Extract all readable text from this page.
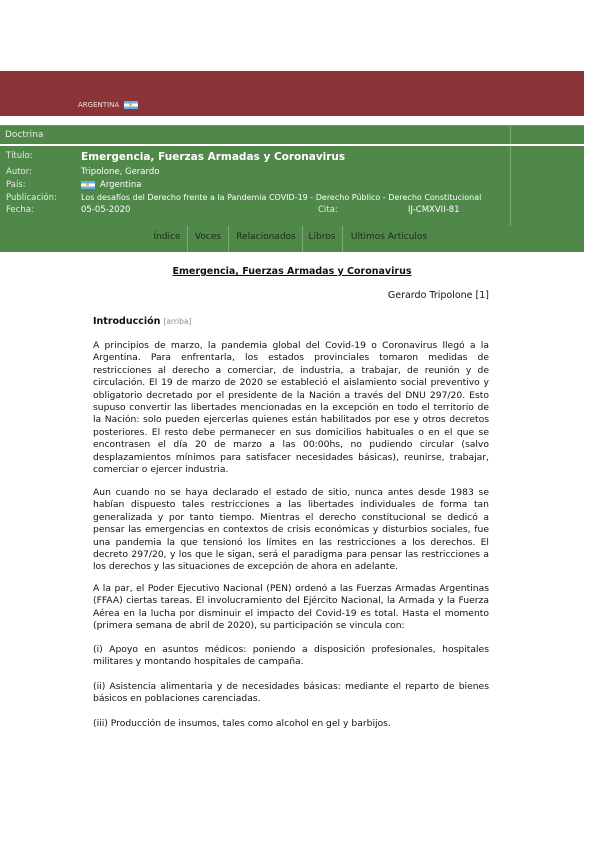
ARGENTINA
Doctrina
Título:	Emergencia, Fuerzas Armadas y Coronavirus
Autor:	Tripolone, Gerardo
País:	Argentina
Publicación:	Los desafíos del Derecho frente a la Pandemia COVID-19 - Derecho Público - Derecho Constitucional
Fecha:	05-05-2020	Cita:	IJ-CMXVII-81
Índice	Voces	Relacionados	Libros	Ultimos Artículos
Emergencia, Fuerzas Armadas y Coronavirus
Gerardo Tripolone [1]
Introducción [arriba]

A principios de marzo, la pandemia global del Covid-19 o Coronavirus llegó a la Argentina. Para enfrentarla, los estados provinciales tomaron medidas de restricciones al derecho a comerciar, de industria, a trabajar, de reunión y de circulación. El 19 de marzo de 2020 se estableció el aislamiento social preventivo y obligatorio decretado por el presidente de la Nación a través del DNU 297/20. Esto supuso convertir las libertades mencionadas en la excepción en todo el territorio de la Nación: solo pueden ejercerlas quienes están habilitados por ese y otros decretos posteriores. El resto debe permanecer en sus domicilios habituales o en el que se encontrasen el día 20 de marzo a las 00:00hs, no pudiendo circular (salvo desplazamientos mínimos para satisfacer necesidades básicas), reunirse, trabajar, comerciar o ejercer industria.

Aun cuando no se haya declarado el estado de sitio, nunca antes desde 1983 se habían dispuesto tales restricciones a las libertades individuales de forma tan generalizada y por tanto tiempo. Mientras el derecho constitucional se dedicó a pensar las emergencias en contextos de crisis económicas y disturbios sociales, fue una pandemia la que tensionó los límites en las restricciones a los derechos. El decreto 297/20, y los que le sigan, será el paradigma para pensar las restricciones a los derechos y las situaciones de excepción de ahora en adelante.

A la par, el Poder Ejecutivo Nacional (PEN) ordenó a las Fuerzas Armadas Argentinas (FFAA) ciertas tareas. El involucramiento del Ejército Nacional, la Armada y la Fuerza Aérea en la lucha por disminuir el impacto del Covid-19 es total. Hasta el momento (primera semana de abril de 2020), su participación se vincula con:

(i) Apoyo en asuntos médicos: poniendo a disposición profesionales, hospitales militares y montando hospitales de campaña.

(ii) Asistencia alimentaria y de necesidades básicas: mediante el reparto de bienes básicos en poblaciones carenciadas.

(iii) Producción de insumos, tales como alcohol en gel y barbijos.
